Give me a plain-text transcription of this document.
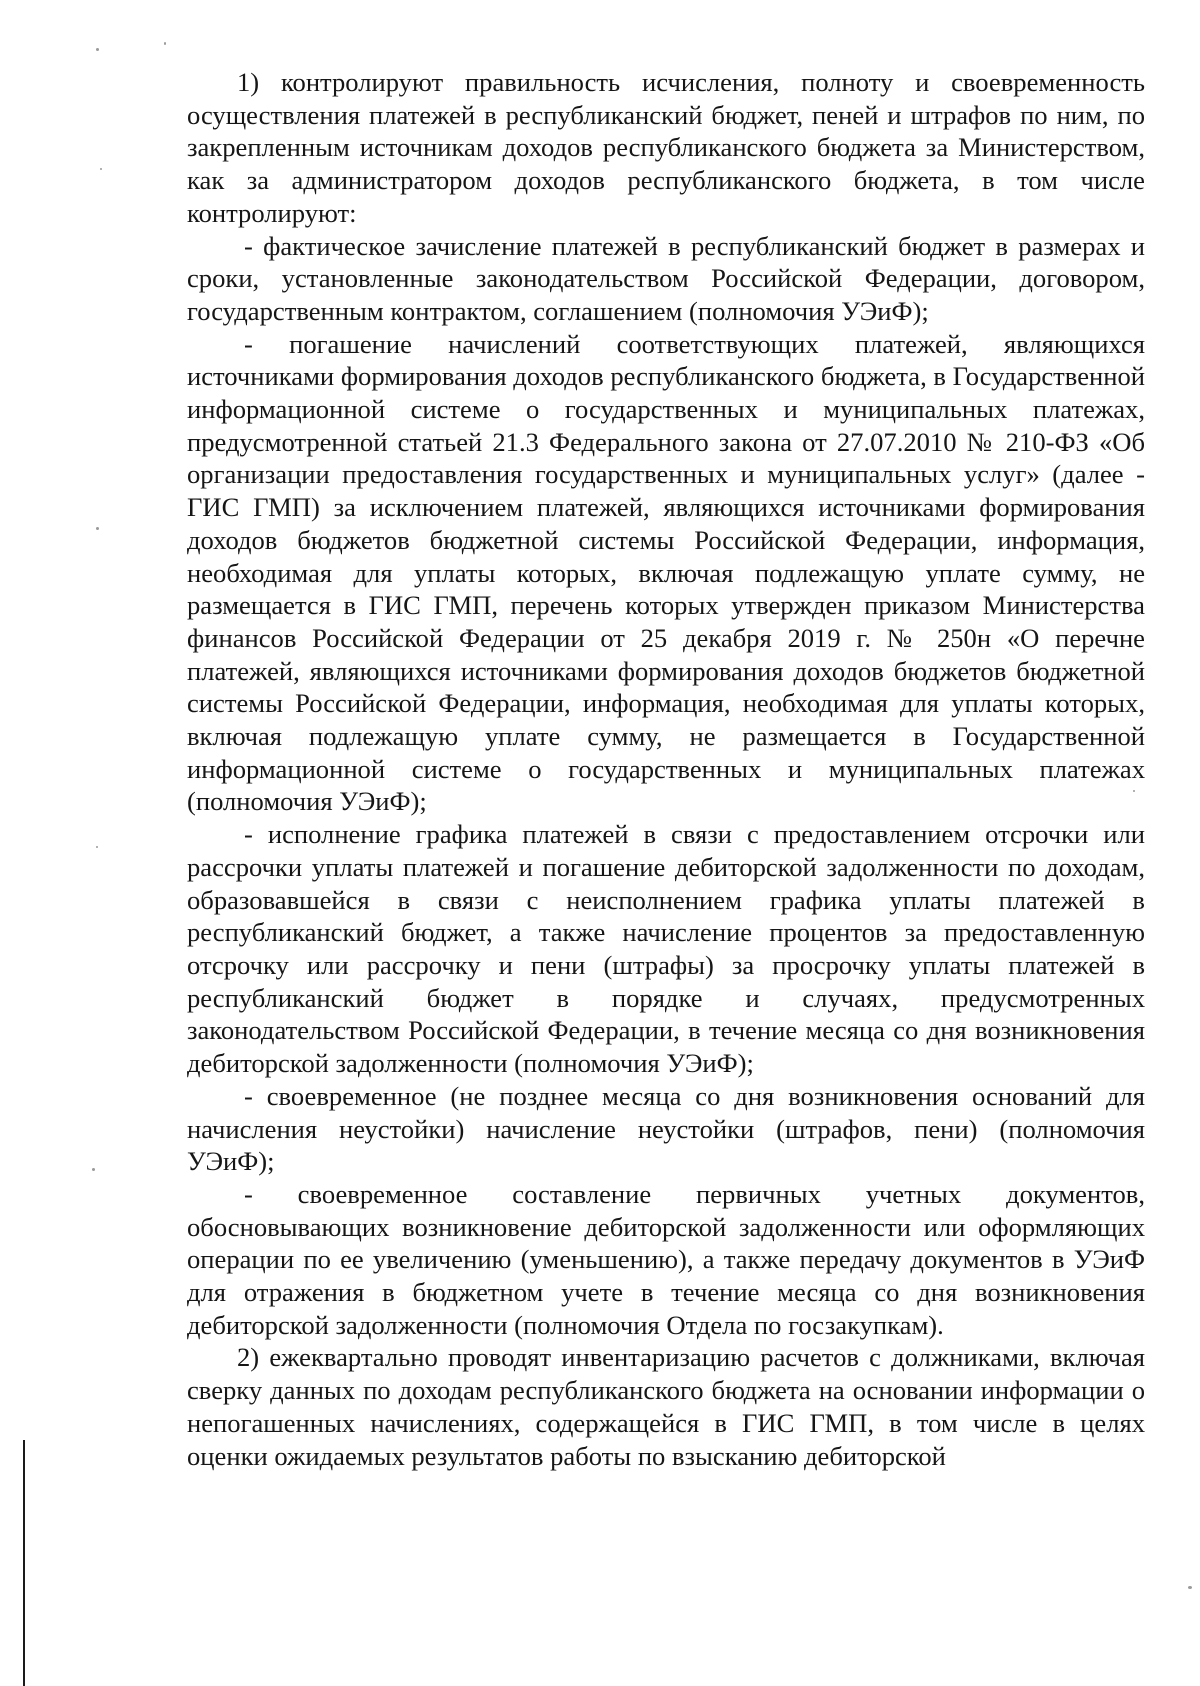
1) контролируют правильность исчисления, полноту и своевременность осуществления платежей в республиканский бюджет, пеней и штрафов по ним, по закрепленным источникам доходов республиканского бюджета за Министерством, как за администратором доходов республиканского бюджета, в том числе контролируют:

- фактическое зачисление платежей в республиканский бюджет в размерах и сроки, установленные законодательством Российской Федерации, договором, государственным контрактом, соглашением (полномочия УЭиФ);

- погашение начислений соответствующих платежей, являющихся источниками формирования доходов республиканского бюджета, в Государственной информационной системе о государственных и муниципальных платежах, предусмотренной статьей 21.3 Федерального закона от 27.07.2010 № 210-ФЗ «Об организации предоставления государственных и муниципальных услуг» (далее - ГИС ГМП) за исключением платежей, являющихся источниками формирования доходов бюджетов бюджетной системы Российской Федерации, информация, необходимая для уплаты которых, включая подлежащую уплате сумму, не размещается в ГИС ГМП, перечень которых утвержден приказом Министерства финансов Российской Федерации от 25 декабря 2019 г. № 250н «О перечне платежей, являющихся источниками формирования доходов бюджетов бюджетной системы Российской Федерации, информация, необходимая для уплаты которых, включая подлежащую уплате сумму, не размещается в Государственной информационной системе о государственных и муниципальных платежах (полномочия УЭиФ);

- исполнение графика платежей в связи с предоставлением отсрочки или рассрочки уплаты платежей и погашение дебиторской задолженности по доходам, образовавшейся в связи с неисполнением графика уплаты платежей в республиканский бюджет, а также начисление процентов за предоставленную отсрочку или рассрочку и пени (штрафы) за просрочку уплаты платежей в республиканский бюджет в порядке и случаях, предусмотренных законодательством Российской Федерации, в течение месяца со дня возникновения дебиторской задолженности (полномочия УЭиФ);

- своевременное (не позднее месяца со дня возникновения оснований для начисления неустойки) начисление неустойки (штрафов, пени) (полномочия УЭиФ);

- своевременное составление первичных учетных документов, обосновывающих возникновение дебиторской задолженности или оформляющих операции по ее увеличению (уменьшению), а также передачу документов в УЭиФ для отражения в бюджетном учете в течение месяца со дня возникновения дебиторской задолженности (полномочия Отдела по госзакупкам).

2) ежеквартально проводят инвентаризацию расчетов с должниками, включая сверку данных по доходам республиканского бюджета на основании информации о непогашенных начислениях, содержащейся в ГИС ГМП, в том числе в целях оценки ожидаемых результатов работы по взысканию дебиторской
